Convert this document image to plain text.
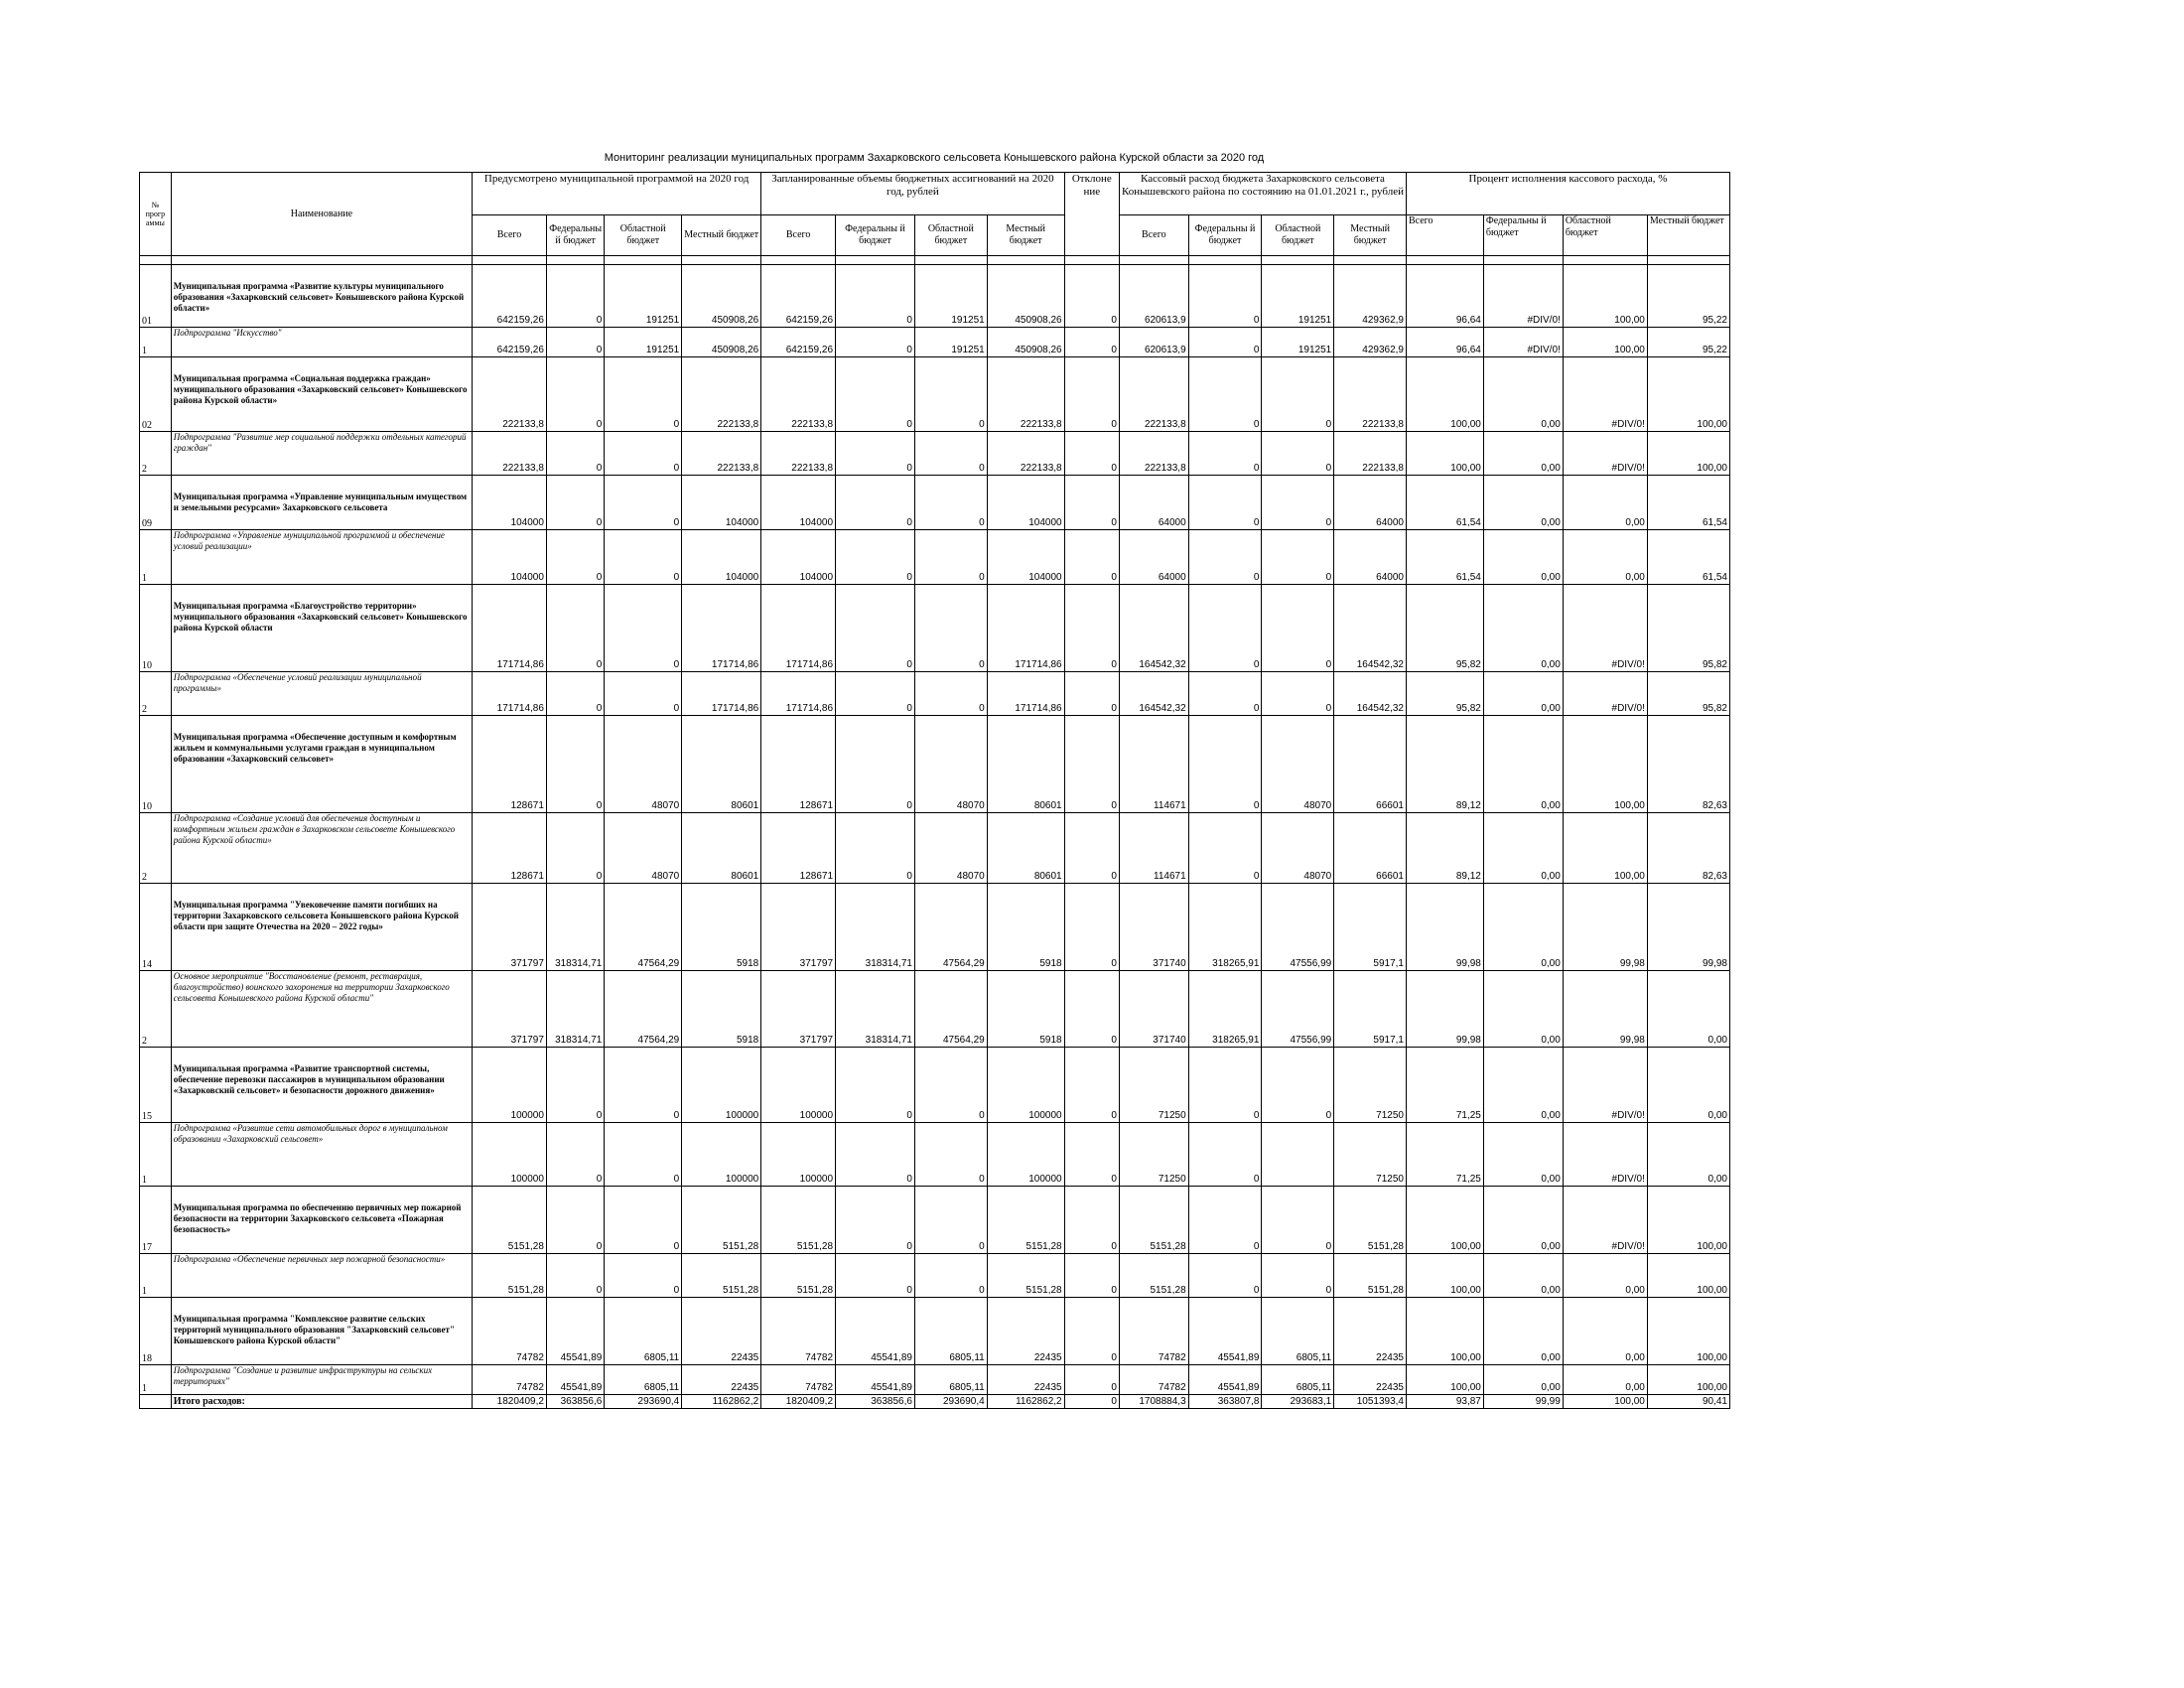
Мониторинг реализации муниципальных программ Захарковского сельсовета Конышевского района Курской области за 2020 год
№ прогр аммы	Наименование	Предусмотрено муниципальной программой на 2020 год				Запланированные объемы бюджетных ассигнований на 2020 год, рублей				Отклоне ние	Кассовый расход бюджета Захарковского сельсовета Конышевского района по состоянию на 01.01.2021 г., рублей				Процент исполнения кассового расхода, %			
		Всего	Федеральны й бюджет	Областной бюджет	Местный бюджет	Всего	Федеральны й бюджет	Областной бюджет	Местный бюджет		Всего	Федеральны й бюджет	Областной бюджет	Местный бюджет	Всего	Федеральны й бюджет	Областной бюджет	Местный бюджет

01	Муниципальная программа «Развитие культуры муниципального образования «Захарковский сельсовет» Конышевского района Курской области»	642159,26	0	191251	450908,26	642159,26	0	191251	450908,26	0	620613,9	0	191251	429362,9	96,64	#DIV/0!	100,00	95,22
1	Подпрограмма "Искусство"	642159,26	0	191251	450908,26	642159,26	0	191251	450908,26	0	620613,9	0	191251	429362,9	96,64	#DIV/0!	100,00	95,22
02	Муниципальная программа «Социальная поддержка граждан» муниципального образования «Захарковский сельсовет» Конышевского района Курской области»	222133,8	0	0	222133,8	222133,8	0	0	222133,8	0	222133,8	0	0	222133,8	100,00	0,00	#DIV/0!	100,00
2	Подпрограмма "Развитие мер социальной поддержки отдельных категорий граждан"	222133,8	0	0	222133,8	222133,8	0	0	222133,8	0	222133,8	0	0	222133,8	100,00	0,00	#DIV/0!	100,00
09	Муниципальная программа «Управление муниципальным имуществом и земельными ресурсами» Захарковского сельсовета	104000	0	0	104000	104000	0	0	104000	0	64000	0	0	64000	61,54	0,00	0,00	61,54
1	Подпрограмма «Управление муниципальной программой и обеспечение условий реализации»	104000	0	0	104000	104000	0	0	104000	0	64000	0	0	64000	61,54	0,00	0,00	61,54
10	Муниципальная программа «Благоустройство территории» муниципального образования «Захарковский сельсовет» Конышевского района Курской области	171714,86	0	0	171714,86	171714,86	0	0	171714,86	0	164542,32	0	0	164542,32	95,82	0,00	#DIV/0!	95,82
2	Подпрограмма «Обеспечение условий реализации муниципальной программы»	171714,86	0	0	171714,86	171714,86	0	0	171714,86	0	164542,32	0	0	164542,32	95,82	0,00	#DIV/0!	95,82
10	Муниципальная программа «Обеспечение доступным и комфортным жильем и коммунальными услугами граждан в муниципальном образовании «Захарковский сельсовет»	128671	0	48070	80601	128671	0	48070	80601	0	114671	0	48070	66601	89,12	0,00	100,00	82,63
2	Подпрограмма «Создание условий для обеспечения доступным и комфортным жильем граждан в Захарковском сельсовете Конышевского района Курской области»	128671	0	48070	80601	128671	0	48070	80601	0	114671	0	48070	66601	89,12	0,00	100,00	82,63
14	Муниципальная программа "Увековечение памяти погибших на территории Захарковского сельсовета Конышевского района Курской области при защите Отечества на 2020 – 2022 годы»	371797	318314,71	47564,29	5918	371797	318314,71	47564,29	5918	0	371740	318265,91	47556,99	5917,1	99,98	0,00	99,98	99,98
2	Основное мероприятие "Восстановление (ремонт, реставрация, благоустройство) воинского захоронения на территории Захарковского сельсовета Конышевского района Курской области"	371797	318314,71	47564,29	5918	371797	318314,71	47564,29	5918	0	371740	318265,91	47556,99	5917,1	99,98	0,00	99,98	0,00
15	Муниципальная программа «Развитие транспортной системы, обеспечение перевозки пассажиров в муниципальном образовании «Захарковский сельсовет» и безопасности дорожного движения»	100000	0	0	100000	100000	0	0	100000	0	71250	0	0	71250	71,25	0,00	#DIV/0!	0,00
1	Подпрограмма «Развитие сети автомобильных дорог в муниципальном образовании «Захарковский сельсовет»	100000	0	0	100000	100000	0	0	100000	0	71250	0		71250	71,25	0,00	#DIV/0!	0,00
17	Муниципальная программа по обеспечению первичных мер пожарной безопасности на территории Захарковского сельсовета «Пожарная безопасность»	5151,28	0	0	5151,28	5151,28	0	0	5151,28	0	5151,28	0	0	5151,28	100,00	0,00	#DIV/0!	100,00
1	Подпрограмма «Обеспечение первичных мер пожарной безопасности»	5151,28	0	0	5151,28	5151,28	0	0	5151,28	0	5151,28	0	0	5151,28	100,00	0,00	0,00	100,00
18	Муниципальная программа "Комплексное развитие сельских территорий муниципального образования "Захарковский сельсовет" Конышевского района Курской области"	74782	45541,89	6805,11	22435	74782	45541,89	6805,11	22435	0	74782	45541,89	6805,11	22435	100,00	0,00	0,00	100,00
1	Подпрограмма "Создание и развитие инфраструктуры на сельских территориях"	74782	45541,89	6805,11	22435	74782	45541,89	6805,11	22435	0	74782	45541,89	6805,11	22435	100,00	0,00	0,00	100,00
	Итого расходов:	1820409,2	363856,6	293690,4	1162862,2	1820409,2	363856,6	293690,4	1162862,2	0	1708884,3	363807,8	293683,1	1051393,4	93,87	99,99	100,00	90,41
